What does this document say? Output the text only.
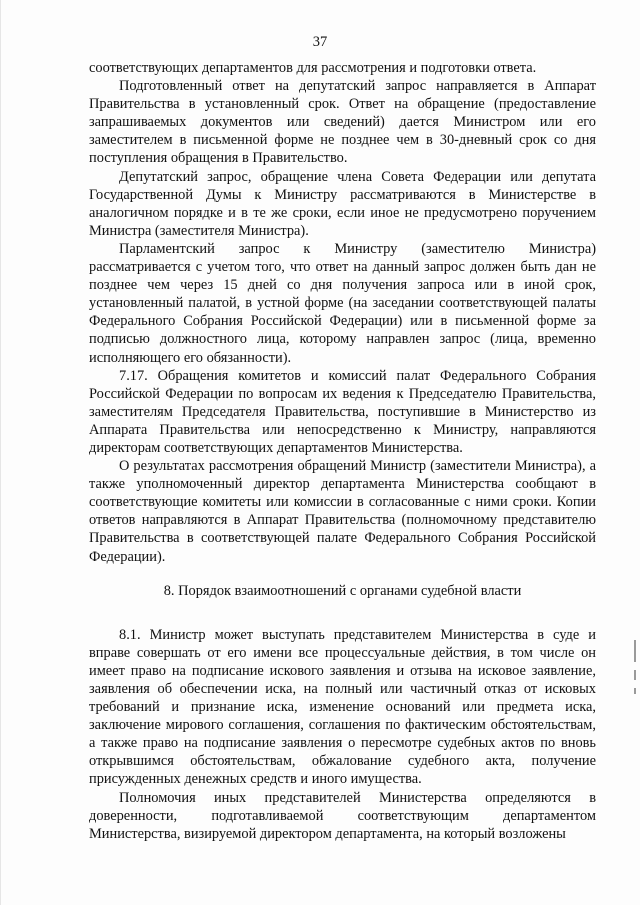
37

соответствующих департаментов для рассмотрения и подготовки ответа.

Подготовленный ответ на депутатский запрос направляется в Аппарат Правительства в установленный срок. Ответ на обращение (предоставление запрашиваемых документов или сведений) дается Министром или его заместителем в письменной форме не позднее чем в 30-дневный срок со дня поступления обращения в Правительство.

Депутатский запрос, обращение члена Совета Федерации или депутата Государственной Думы к Министру рассматриваются в Министерстве в аналогичном порядке и в те же сроки, если иное не предусмотрено поручением Министра (заместителя Министра).

Парламентский запрос к Министру (заместителю Министра) рассматривается с учетом того, что ответ на данный запрос должен быть дан не позднее чем через 15 дней со дня получения запроса или в иной срок, установленный палатой, в устной форме (на заседании соответствующей палаты Федерального Собрания Российской Федерации) или в письменной форме за подписью должностного лица, которому направлен запрос (лица, временно исполняющего его обязанности).

7.17. Обращения комитетов и комиссий палат Федерального Собрания Российской Федерации по вопросам их ведения к Председателю Правительства, заместителям Председателя Правительства, поступившие в Министерство из Аппарата Правительства или непосредственно к Министру, направляются директорам соответствующих департаментов Министерства.

О результатах рассмотрения обращений Министр (заместители Министра), а также уполномоченный директор департамента Министерства сообщают в соответствующие комитеты или комиссии в согласованные с ними сроки. Копии ответов направляются в Аппарат Правительства (полномочному представителю Правительства в соответствующей палате Федерального Собрания Российской Федерации).

8. Порядок взаимоотношений с органами судебной власти

8.1. Министр может выступать представителем Министерства в суде и вправе совершать от его имени все процессуальные действия, в том числе он имеет право на подписание искового заявления и отзыва на исковое заявление, заявления об обеспечении иска, на полный или частичный отказ от исковых требований и признание иска, изменение оснований или предмета иска, заключение мирового соглашения, соглашения по фактическим обстоятельствам, а также право на подписание заявления о пересмотре судебных актов по вновь открывшимся обстоятельствам, обжалование судебного акта, получение присужденных денежных средств и иного имущества.

Полномочия иных представителей Министерства определяются в доверенности, подготавливаемой соответствующим департаментом Министерства, визируемой директором департамента, на который возложены
